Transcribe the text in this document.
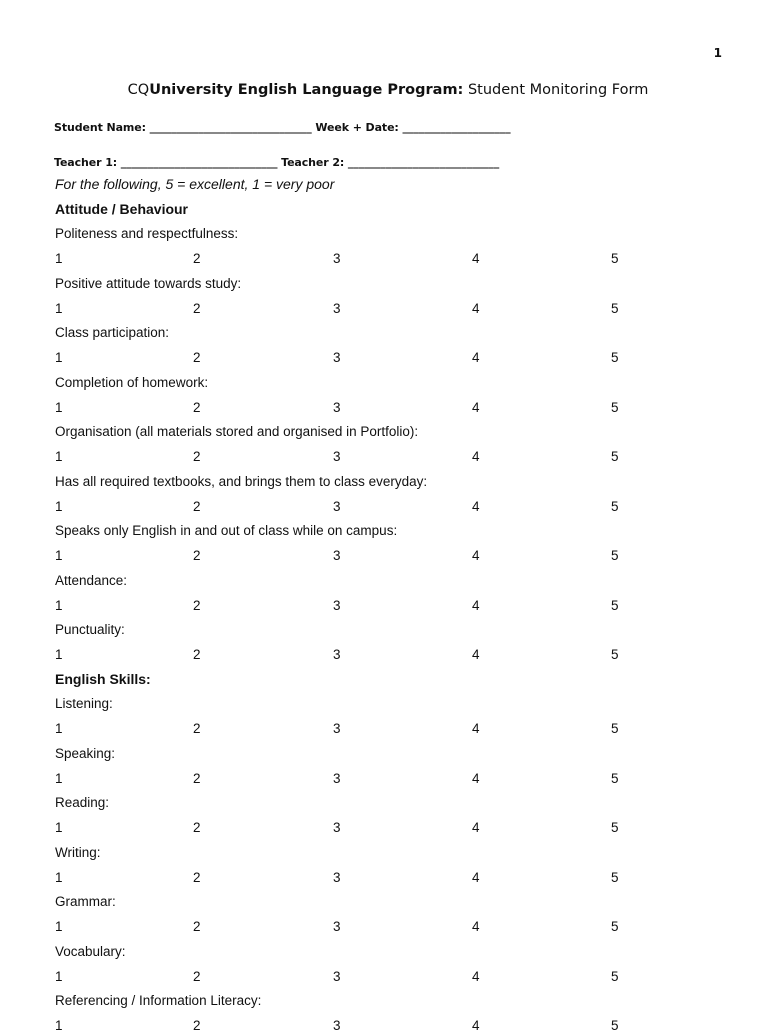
1
CQUniversity English Language Program: Student Monitoring Form
Student Name: ______________________________ Week + Date: ____________________
Teacher 1: _____________________________ Teacher 2: ____________________________
For the following, 5 = excellent, 1 = very poor
Attitude / Behaviour
Politeness and respectfulness:
1	2	3	4	5
Positive attitude towards study:
1	2	3	4	5
Class participation:
1	2	3	4	5
Completion of homework:
1	2	3	4	5
Organisation (all materials stored and organised in Portfolio):
1	2	3	4	5
Has all required textbooks, and brings them to class everyday:
1	2	3	4	5
Speaks only English in and out of class while on campus:
1	2	3	4	5
Attendance:
1	2	3	4	5
Punctuality:
1	2	3	4	5
English Skills:
Listening:
1	2	3	4	5
Speaking:
1	2	3	4	5
Reading:
1	2	3	4	5
Writing:
1	2	3	4	5
Grammar:
1	2	3	4	5
Vocabulary:
1	2	3	4	5
Referencing / Information Literacy:
1	2	3	4	5
